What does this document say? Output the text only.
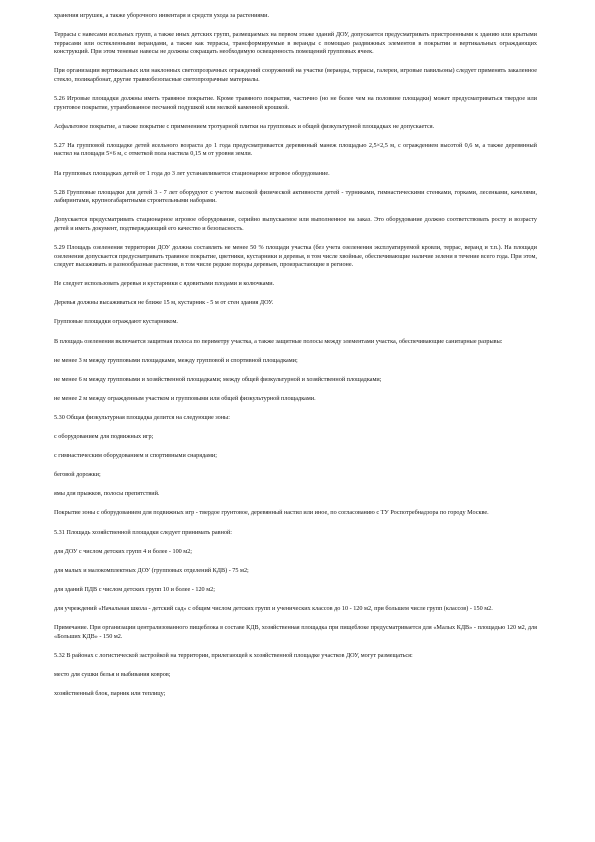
хранения игрушек, а также уборочного инвентаря и средств ухода за растениями.

Террасы с навесами ясельных групп, а также иных детских групп, размещаемых на первом этаже зданий ДОУ, допускается предусматривать пристроенными к зданию или крытыми террасами или остекленными верандами, а также как террасы, трансформируемые в веранды с помощью раздвижных элементов в покрытии и вертикальных ограждающих конструкций. При этом теневые навесы не должны сокращать необходимую освещенность помещений групповых ячеек.

При организации вертикальных или наклонных светопрозрачных ограждений сооружений на участке (веранды, террасы, галереи, игровые павильоны) следует применять закаленное стекло, поликарбонат, другие травмобезопасные светопрозрачные материалы.

5.26 Игровые площадки должны иметь травяное покрытие. Кроме травяного покрытия, частично (но не более чем на половине площадки) может предусматриваться твердое или грунтовое покрытие, утрамбованное песчаной подушкой или мелкой каменной крошкой.

Асфальтовое покрытие, а также покрытие с применением тротуарной плитки на групповых и общей физкультурной площадках не допускается.

5.27 На групповой площадке детей ясельного возраста до 1 года предусматривается деревянный манеж площадью 2,5×2,5 м, с ограждением высотой 0,6 м, а также деревянный настил на площади 5×6 м, с отметкой пола настила 0,15 м от уровня земли.

На групповых площадках детей от 1 года до 3 лет устанавливается стационарное игровое оборудование.

5.28 Групповые площадки для детей 3 - 7 лет оборудуют с учетом высокой физической активности детей - турниками, гимнастическими стенками, горками, лесенками, качелями, лабиринтами, крупногабаритными строительными наборами.

Допускается предусматривать стационарное игровое оборудование, серийно выпускаемое или выполненное на заказ. Это оборудование должно соответствовать росту и возрасту детей и иметь документ, подтверждающий его качество и безопасность.

5.29 Площадь озеленения территории ДОУ должна составлять не менее 50 % площади участка (без учета озеленения эксплуатируемой кровли, террас, веранд и т.п.). На площади озеленения допускается предусматривать травяное покрытие, цветники, кустарники и деревья, в том числе хвойные, обеспечивающие наличие зелени в течение всего года. При этом, следует высаживать и разнообразные растения, в том числе редкие породы деревьев, произрастающие в регионе.

Не следует использовать деревья и кустарники с ядовитыми плодами и колючками.

Деревья должны высаживаться не ближе 15 м, кустарник - 5 м от стен здания ДОУ.

Групповые площадки ограждают кустарником.

В площадь озеленения включается защитная полоса по периметру участка, а также защитные полосы между элементами участка, обеспечивающие санитарные разрывы:

не менее 3 м между групповыми площадками, между групповой и спортивной площадками;

не менее 6 м между групповыми и хозяйственной площадками; между общей физкультурной и хозяйственной площадками;

не менее 2 м между огражденным участком и групповыми или общей физкультурной площадками.

5.30 Общая физкультурная площадка делится на следующие зоны:

с оборудованием для подвижных игр;

с гимнастическим оборудованием и спортивными снарядами;

беговой дорожки;

ямы для прыжков, полосы препятствий.

Покрытие зоны с оборудованием для подвижных игр - твердое грунтовое, деревянный настил или иное, по согласованию с ТУ Роспотребнадзора по городу Москве.

5.31 Площадь хозяйственной площадки следует принимать равной:

для ДОУ с числом детских групп 4 и более - 100 м2;

для малых и малокомплектных ДОУ (групповых отделений КДВ) - 75 м2;

для зданий ПДВ с числом детских групп 10 и более - 120 м2;

для учреждений «Начальная школа - детский сад» с общим числом детских групп и ученических классов до 10 - 120 м2, при большем числе групп (классов) - 150 м2.

Примечание. При организации централизованного пищеблока в составе КДВ, хозяйственная площадка при пищеблоке предусматривается для «Малых КДВ» - площадью 120 м2, для «Больших КДВ» - 150 м2.

5.32 В районах с логистической застройкой на территории, прилегающей к хозяйственной площадке участков ДОУ, могут размещаться:

место для сушки белья и выбивания ковров;

хозяйственный блок, парник или теплицу;
